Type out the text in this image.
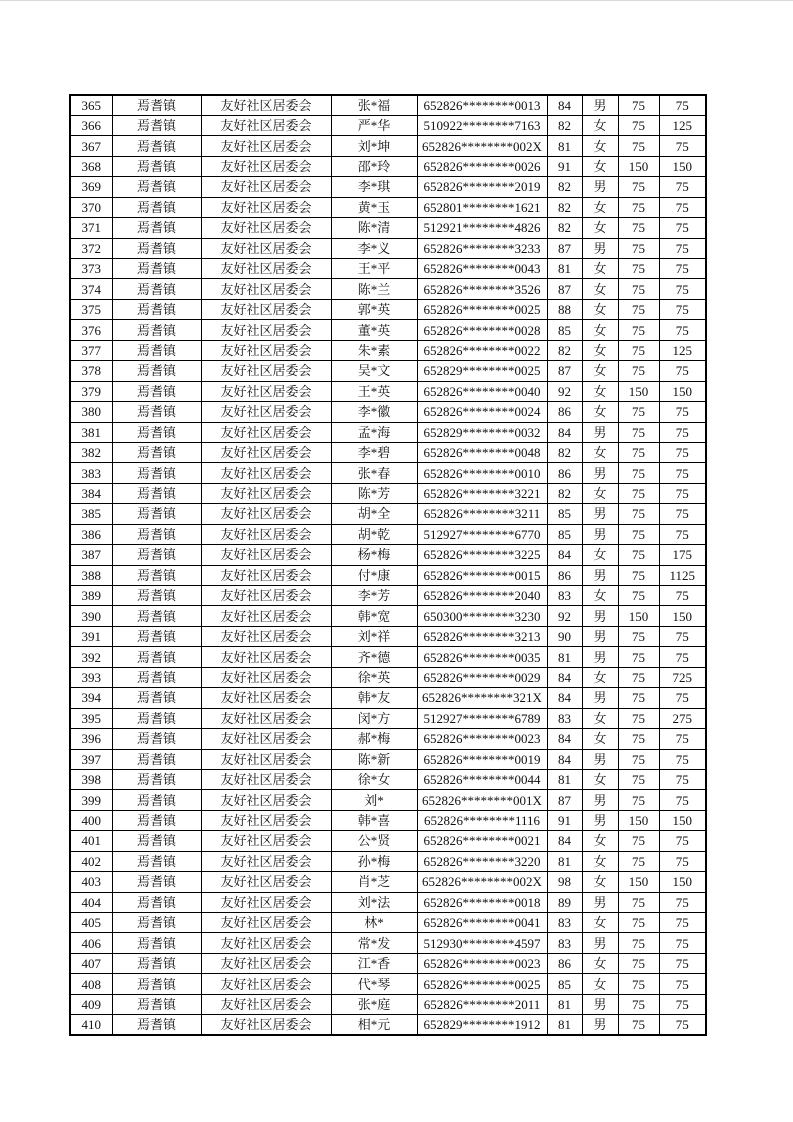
365	焉耆镇	友好社区居委会	张*福	652826********0013	84	男	75	75
366	焉耆镇	友好社区居委会	严*华	510922********7163	82	女	75	125
367	焉耆镇	友好社区居委会	刘*坤	652826********002X	81	女	75	75
368	焉耆镇	友好社区居委会	邵*玲	652826********0026	91	女	150	150
369	焉耆镇	友好社区居委会	李*琪	652826********2019	82	男	75	75
370	焉耆镇	友好社区居委会	黄*玉	652801********1621	82	女	75	75
371	焉耆镇	友好社区居委会	陈*清	512921********4826	82	女	75	75
372	焉耆镇	友好社区居委会	李*义	652826********3233	87	男	75	75
373	焉耆镇	友好社区居委会	王*平	652826********0043	81	女	75	75
374	焉耆镇	友好社区居委会	陈*兰	652826********3526	87	女	75	75
375	焉耆镇	友好社区居委会	郭*英	652826********0025	88	女	75	75
376	焉耆镇	友好社区居委会	董*英	652826********0028	85	女	75	75
377	焉耆镇	友好社区居委会	朱*素	652826********0022	82	女	75	125
378	焉耆镇	友好社区居委会	吴*文	652829********0025	87	女	75	75
379	焉耆镇	友好社区居委会	王*英	652826********0040	92	女	150	150
380	焉耆镇	友好社区居委会	李*徽	652826********0024	86	女	75	75
381	焉耆镇	友好社区居委会	孟*海	652829********0032	84	男	75	75
382	焉耆镇	友好社区居委会	李*碧	652826********0048	82	女	75	75
383	焉耆镇	友好社区居委会	张*春	652826********0010	86	男	75	75
384	焉耆镇	友好社区居委会	陈*芳	652826********3221	82	女	75	75
385	焉耆镇	友好社区居委会	胡*全	652826********3211	85	男	75	75
386	焉耆镇	友好社区居委会	胡*乾	512927********6770	85	男	75	75
387	焉耆镇	友好社区居委会	杨*梅	652826********3225	84	女	75	175
388	焉耆镇	友好社区居委会	付*康	652826********0015	86	男	75	1125
389	焉耆镇	友好社区居委会	李*芳	652826********2040	83	女	75	75
390	焉耆镇	友好社区居委会	韩*宽	650300********3230	92	男	150	150
391	焉耆镇	友好社区居委会	刘*祥	652826********3213	90	男	75	75
392	焉耆镇	友好社区居委会	齐*德	652826********0035	81	男	75	75
393	焉耆镇	友好社区居委会	徐*英	652826********0029	84	女	75	725
394	焉耆镇	友好社区居委会	韩*友	652826********321X	84	男	75	75
395	焉耆镇	友好社区居委会	闵*方	512927********6789	83	女	75	275
396	焉耆镇	友好社区居委会	郝*梅	652826********0023	84	女	75	75
397	焉耆镇	友好社区居委会	陈*新	652826********0019	84	男	75	75
398	焉耆镇	友好社区居委会	徐*女	652826********0044	81	女	75	75
399	焉耆镇	友好社区居委会	刘*	652826********001X	87	男	75	75
400	焉耆镇	友好社区居委会	韩*喜	652826********1116	91	男	150	150
401	焉耆镇	友好社区居委会	公*贤	652826********0021	84	女	75	75
402	焉耆镇	友好社区居委会	孙*梅	652826********3220	81	女	75	75
403	焉耆镇	友好社区居委会	肖*芝	652826********002X	98	女	150	150
404	焉耆镇	友好社区居委会	刘*法	652826********0018	89	男	75	75
405	焉耆镇	友好社区居委会	林*	652826********0041	83	女	75	75
406	焉耆镇	友好社区居委会	常*发	512930********4597	83	男	75	75
407	焉耆镇	友好社区居委会	江*香	652826********0023	86	女	75	75
408	焉耆镇	友好社区居委会	代*琴	652826********0025	85	女	75	75
409	焉耆镇	友好社区居委会	张*庭	652826********2011	81	男	75	75
410	焉耆镇	友好社区居委会	相*元	652829********1912	81	男	75	75
